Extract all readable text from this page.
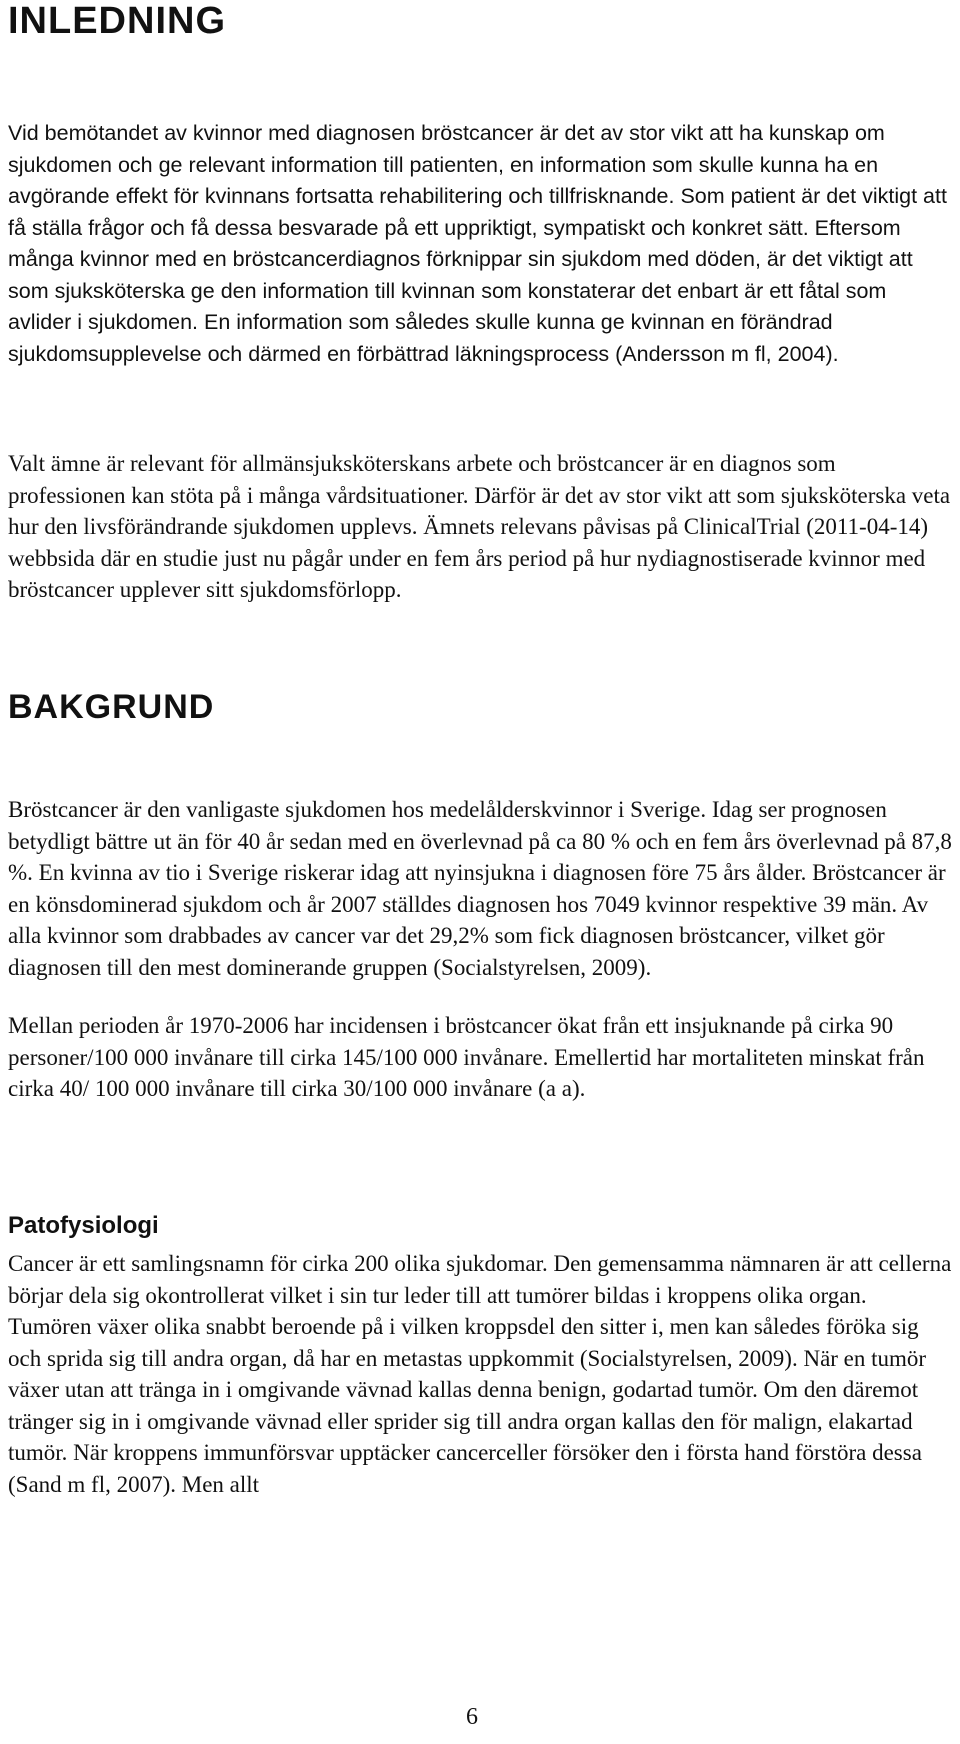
INLEDNING

Vid bemötandet av kvinnor med diagnosen bröstcancer är det av stor vikt att ha kunskap om sjukdomen och ge relevant information till patienten, en information som skulle kunna ha en avgörande effekt för kvinnans fortsatta rehabilitering och tillfrisknande. Som patient är det viktigt att få ställa frågor och få dessa besvarade på ett uppriktigt, sympatiskt och konkret sätt. Eftersom många kvinnor med en bröstcancerdiagnos förknippar sin sjukdom med döden, är det viktigt att som sjuksköterska ge den information till kvinnan som konstaterar det enbart är ett fåtal som avlider i sjukdomen. En information som således skulle kunna ge kvinnan en förändrad sjukdomsupplevelse och därmed en förbättrad läkningsprocess (Andersson m fl, 2004).

Valt ämne är relevant för allmänsjuksköterskans arbete och bröstcancer är en diagnos som professionen kan stöta på i många vårdsituationer. Därför är det av stor vikt att som sjuksköterska veta hur den livsförändrande sjukdomen upplevs. Ämnets relevans påvisas på ClinicalTrial (2011-04-14) webbsida där en studie just nu pågår under en fem års period på hur nydiagnostiserade kvinnor med bröstcancer upplever sitt sjukdomsförlopp.

BAKGRUND

Bröstcancer är den vanligaste sjukdomen hos medelålderskvinnor i Sverige. Idag ser prognosen betydligt bättre ut än för 40 år sedan med en överlevnad på ca 80 % och en fem års överlevnad på 87,8 %. En kvinna av tio i Sverige riskerar idag att nyinsjukna i diagnosen före 75 års ålder. Bröstcancer är en könsdominerad sjukdom och år 2007 ställdes diagnosen hos 7049 kvinnor respektive 39 män. Av alla kvinnor som drabbades av cancer var det 29,2% som fick diagnosen bröstcancer, vilket gör diagnosen till den mest dominerande gruppen (Socialstyrelsen, 2009).

Mellan perioden år 1970-2006 har incidensen i bröstcancer ökat från ett insjuknande på cirka 90 personer/100 000 invånare till cirka 145/100 000 invånare. Emellertid har mortaliteten minskat från cirka 40/ 100 000 invånare till cirka 30/100 000 invånare (a a).

Patofysiologi

Cancer är ett samlingsnamn för cirka 200 olika sjukdomar. Den gemensamma nämnaren är att cellerna börjar dela sig okontrollerat vilket i sin tur leder till att tumörer bildas i kroppens olika organ. Tumören växer olika snabbt beroende på i vilken kroppsdel den sitter i, men kan således föröka sig och sprida sig till andra organ, då har en metastas uppkommit (Socialstyrelsen, 2009). När en tumör växer utan att tränga in i omgivande vävnad kallas denna benign, godartad tumör. Om den däremot tränger sig in i omgivande vävnad eller sprider sig till andra organ kallas den för malign, elakartad tumör. När kroppens immunförsvar upptäcker cancerceller försöker den i första hand förstöra dessa (Sand m fl, 2007). Men allt

6
